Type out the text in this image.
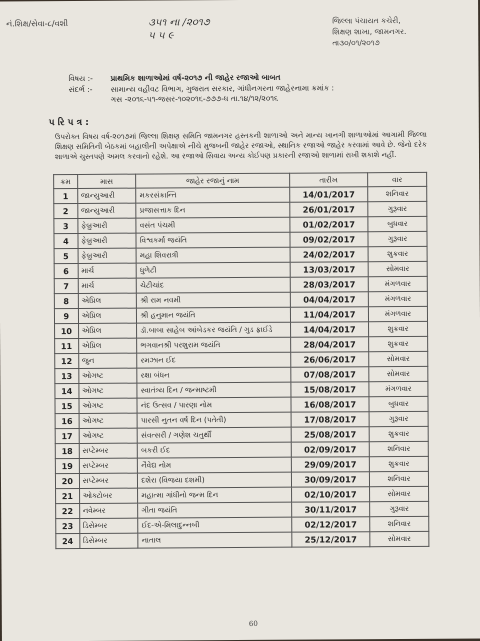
નં.શિક્ષ/સેવા-૮/વશી	૩૫૧ ના /૨૦૧૭
૫ ૫ ૯
જિલ્લા પંચાયત કચેરી,
શિક્ષણ શાખા, જામનગર.
તા૩૦/૦૧/૨૦૧૭
વિષય :-	પ્રાથમિક શાળાઓમાં વર્ષ-૨૦૧૭ ની જાહેર રજાઓ બાબત
સંદર્ભ :-	સામાન્ય વહીવટ વિભાગ, ગુજરાત સરકાર, ગાંધીનગરના જાહેરનામા ક્રમાંક :
ગસ -૨૦૧૬-૫૧-જસર-૧૦૨૦૧૬-૭૭૭-ધ તા.૧૪/૧૨/૨૦૧૬
પ રિ પ ત્ર :
ઉપરોક્ત વિષય વર્ષ-૨૦૧૭માં જિલ્લા શિક્ષણ સમિતિ જામનગર હસ્તકની શાળાઓ અને માન્ય ખાનગી શાળાઓમાં આગામી જિલ્લા શિક્ષણ સમિતિની બેઠકમાં બહાલીની અપેક્ષાએ નીચે મુજબની જાહેર રજાઓ, સ્થાનિક રજાઓ જાહેર કરવામાં આવે છે. જેનો દરેક શાળાએ ચુસ્તપણે અમલ કરવાનો રહેશે. આ રજાઓ સિવાય અન્ય કોઈપણ પ્રકારની રજાઓ શાળામાં રાખી શકાશે નહીં.
ક્રમ	માસ	જાહેર રજાનું નામ	તારીખ	વાર
1	જાન્યુઆરી	મકરસંક્રાન્તિ	14/01/2017	શનિવાર
2	જાન્યુઆરી	પ્રજાસત્તાક દિન	26/01/2017	ગુરૂવાર
3	ફેબ્રુઆરી	વસંત પંચમી	01/02/2017	બુધવાર
4	ફેબ્રુઆરી	વિશ્વકર્મા જયંતિ	09/02/2017	ગુરૂવાર
5	ફેબ્રુઆરી	મહા શિવરાત્રી	24/02/2017	શુક્રવાર
6	માર્ચ	ધુળેટી	13/03/2017	સોમવાર
7	માર્ચ	ચેટીચાંદ	28/03/2017	મંગળવાર
8	એપ્રિલ	શ્રી રામ નવમી	04/04/2017	મંગળવાર
9	એપ્રિલ	શ્રી હનુમાન જયંતિ	11/04/2017	મંગળવાર
10	એપ્રિલ	ડૉ.બાબા સાહેબ આંબેડકર જયંતિ / ગુડ ફ્રાઈડે	14/04/2017	શુક્રવાર
11	એપ્રિલ	ભગવાનશ્રી પરશુરામ જયંતિ	28/04/2017	શુક્રવાર
12	જુન	રમઝાન ઈદ	26/06/2017	સોમવાર
13	ઓગષ્ટ	રક્ષા બંધન	07/08/2017	સોમવાર
14	ઓગષ્ટ	સ્વાતંત્ર્ય દિન / જન્માષ્ટમી	15/08/2017	મંગળવાર
15	ઓગષ્ટ	નંદ ઉત્સવ / પારણા નોમ	16/08/2017	બુધવાર
16	ઓગષ્ટ	પારસી નુતન વર્ષ દિન (પતેતી)	17/08/2017	ગુરૂવાર
17	ઓગષ્ટ	સંવત્સરી / ગણેશ ચતુર્થી	25/08/2017	શુક્રવાર
18	સપ્ટેમ્બર	બકરી ઈદ	02/09/2017	શનિવાર
19	સપ્ટેમ્બર	નૈવેદ્ય નોમ	29/09/2017	શુક્રવાર
20	સપ્ટેમ્બર	દશેરા (વિજયા દશમી)	30/09/2017	શનિવાર
21	ઓક્ટોબર	મહાત્મા ગાંધીનો જન્મ દિન	02/10/2017	સોમવાર
22	નવેમ્બર	ગીતા જયંતિ	30/11/2017	ગુરૂવાર
23	ડિસેમ્બર	ઈદ-એ-મિલાદુન્નબી	02/12/2017	શનિવાર
24	ડિસેમ્બર	નાતાલ	25/12/2017	સોમવાર
60
